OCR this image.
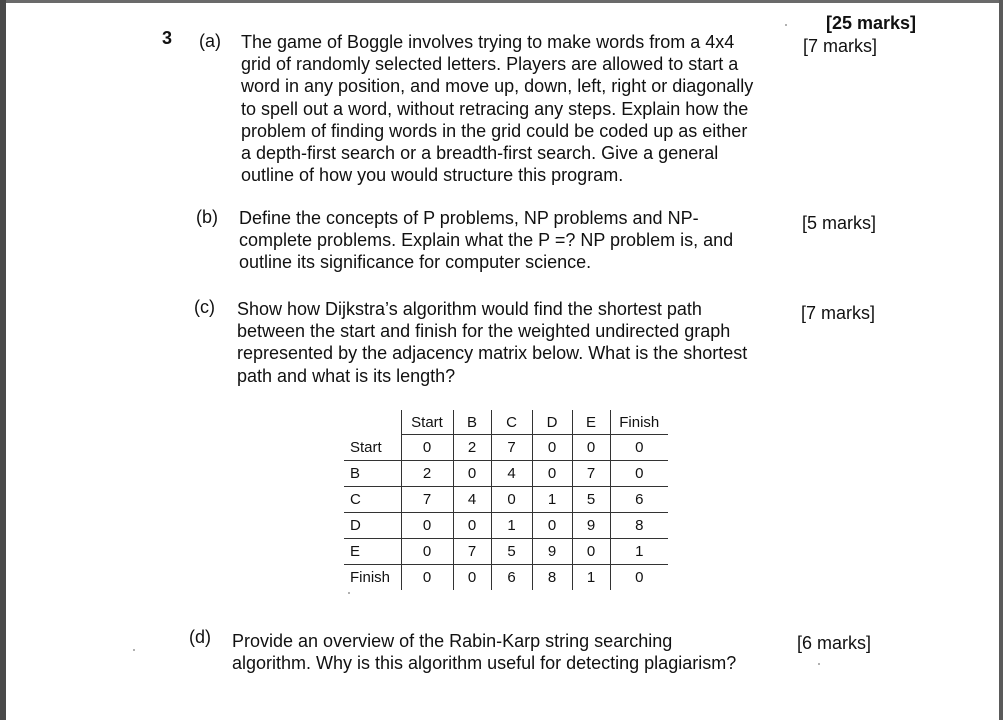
3
[25 marks]
(a)	[7 marks]
The game of Boggle involves trying to make words from a 4x4
grid of randomly selected letters. Players are allowed to start a
word in any position, and move up, down, left, right or diagonally
to spell out a word, without retracing any steps. Explain how the
problem of finding words in the grid could be coded up as either
a depth-first search or a breadth-first search. Give a general
outline of how you would structure this program.
(b)	[5 marks]
Define the concepts of P problems, NP problems and NP-
complete problems. Explain what the P =? NP problem is, and
outline its significance for computer science.
(c)	[7 marks]
Show how Dijkstra’s algorithm would find the shortest path
between the start and finish for the weighted undirected graph
represented by the adjacency matrix below. What is the shortest
path and what is its length?
	Start	B	C	D	E	Finish
Start	0	2	7	0	0	0
B	2	0	4	0	7	0
C	7	4	0	1	5	6
D	0	0	1	0	9	8
E	0	7	5	9	0	1
Finish	0	0	6	8	1	0
(d)	[6 marks]
Provide an overview of the Rabin-Karp string searching
algorithm. Why is this algorithm useful for detecting plagiarism?
